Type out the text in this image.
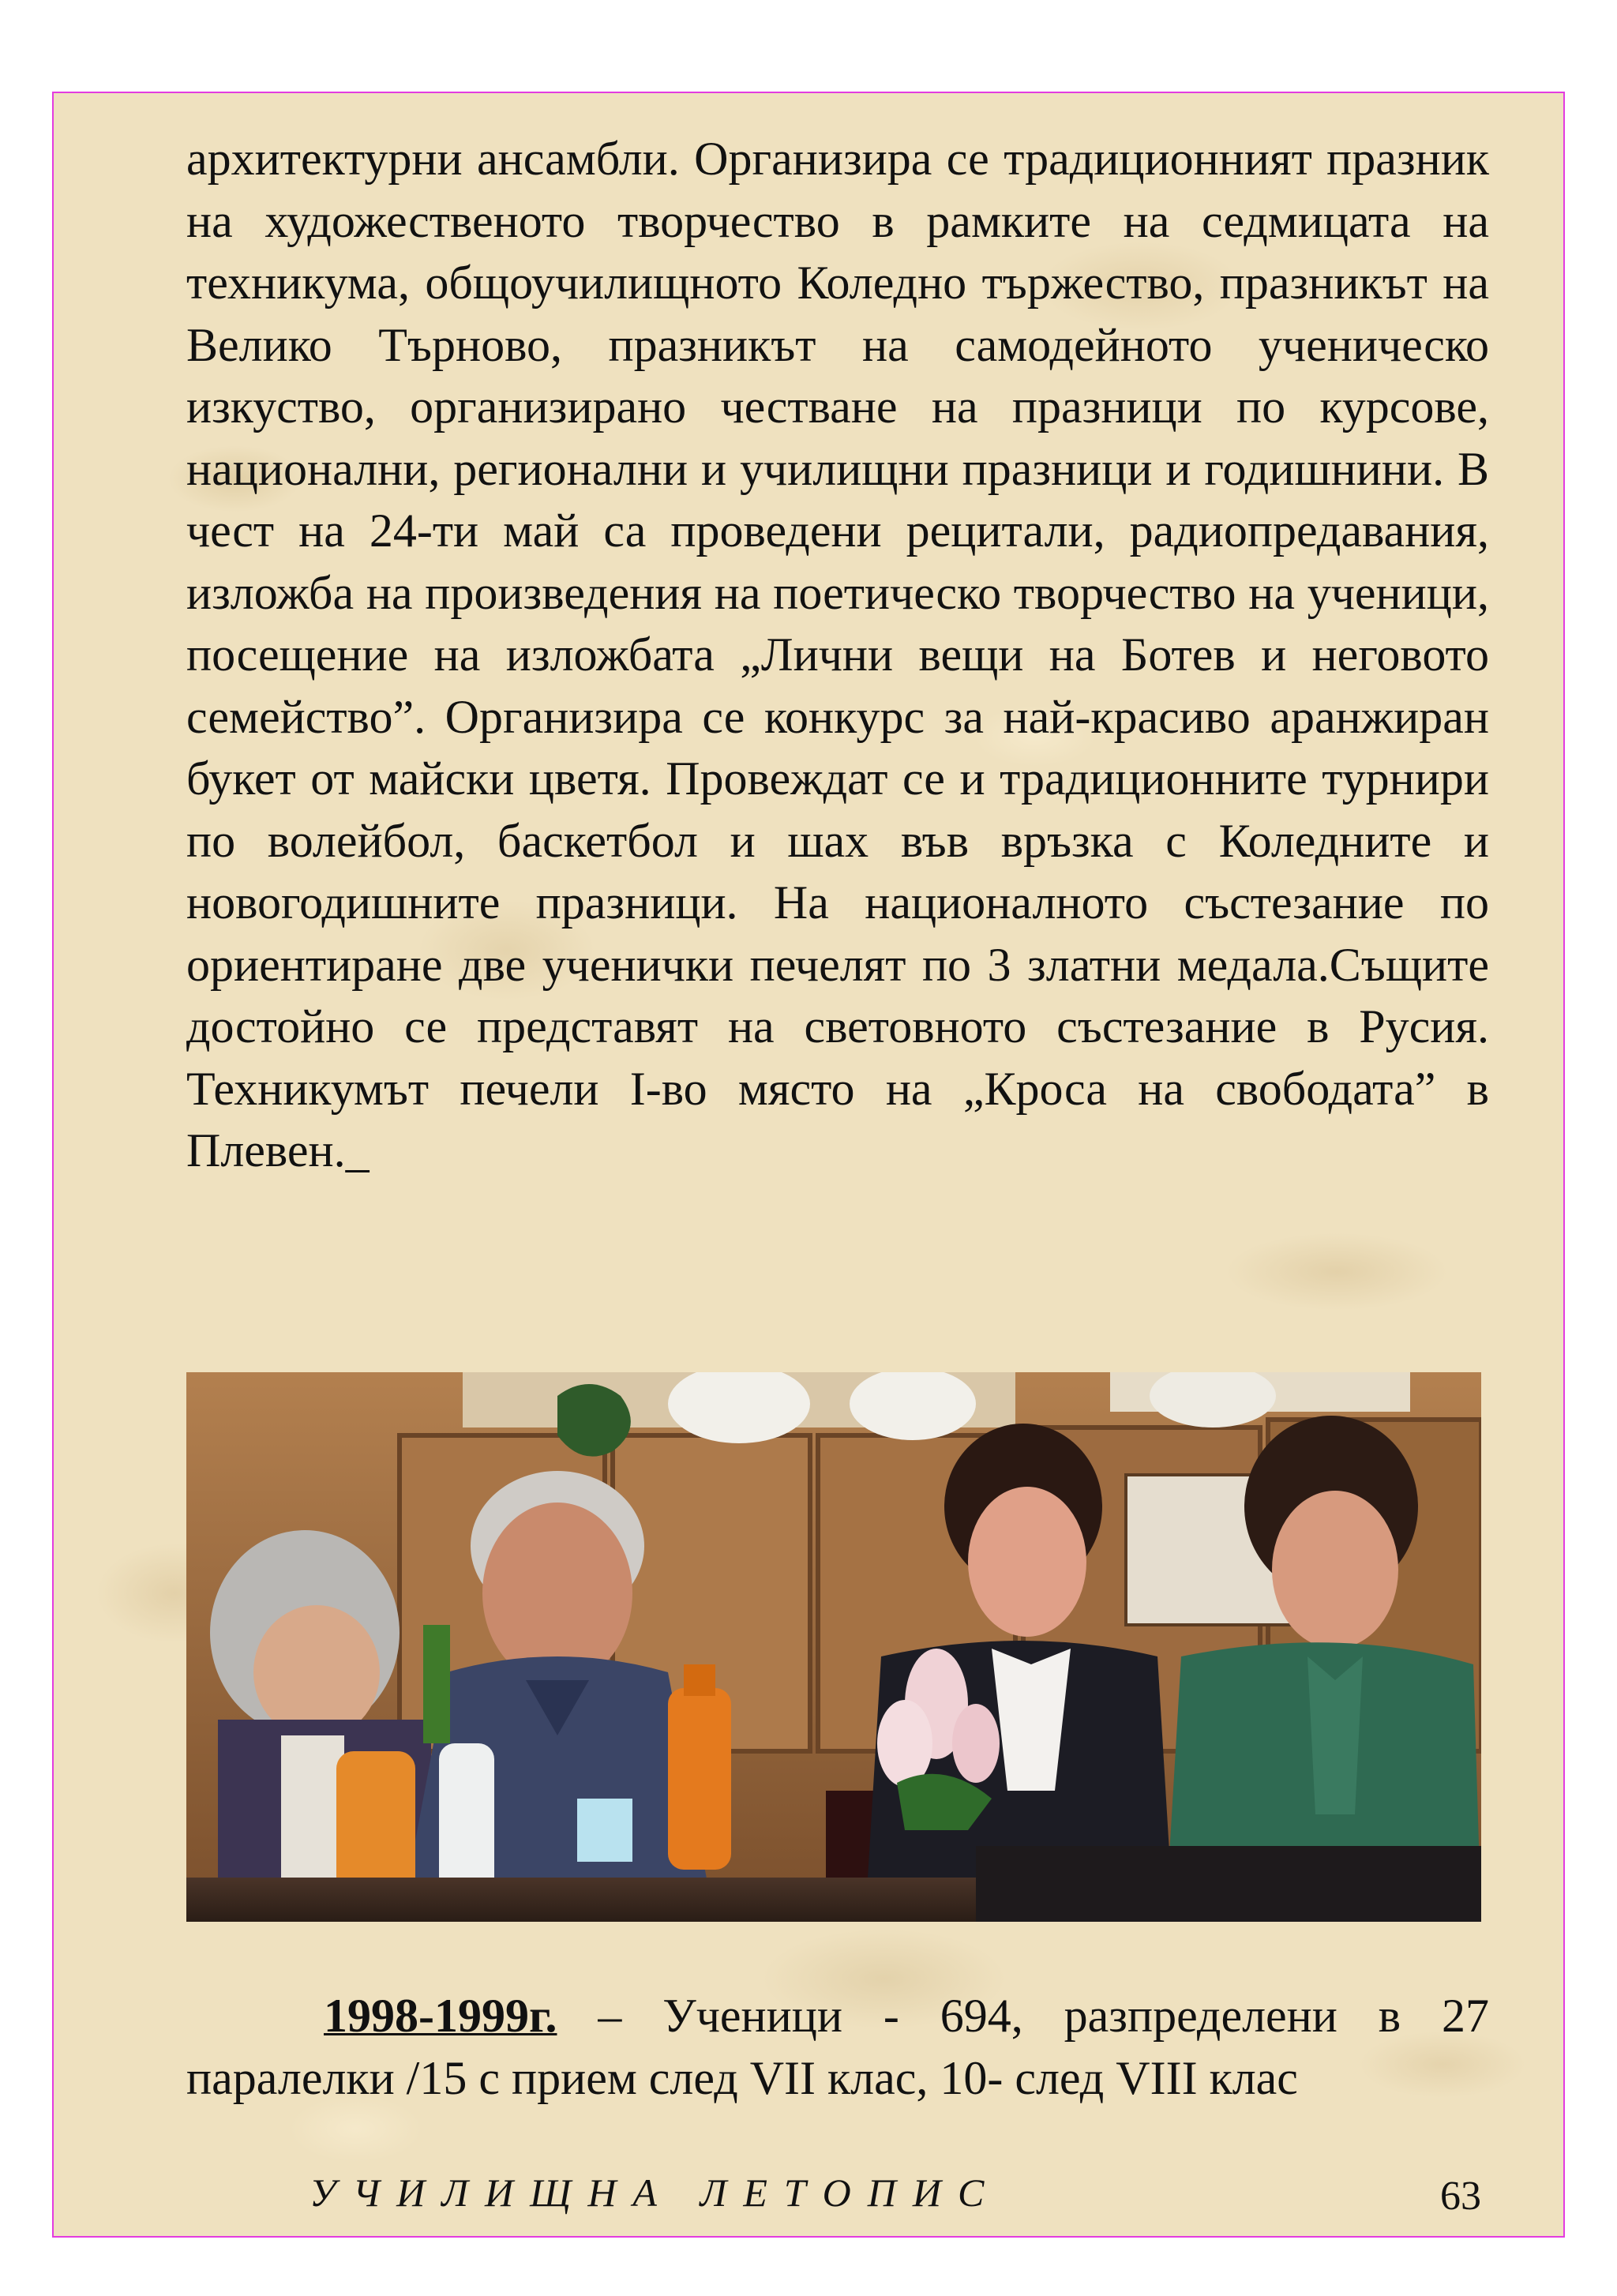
архитектурни ансамбли. Организира се традиционният празник на художественото творчество в рамките на седмицата на техникума, общоучилищното Коледно тържество, празникът на Велико Търново, празникът на самодейното ученическо изкуство, организирано честване на празници по курсове, национални, регионални и училищни празници и годишнини. В чест на 24-ти май са проведени рецитали, радиопредавания, изложба на произведения на поетическо творчество на ученици, посещение на изложбата „Лични вещи на Ботев и неговото семейство”. Организира се конкурс за най-красиво аранжиран букет от майски цветя. Провеждат се и традиционните турнири по волейбол, баскетбол и шах във връзка с Коледните и новогодишните празници. На националното състезание по ориентиране две ученички печелят по 3 златни медала.Същите достойно се представят на световното състезание в Русия. Техникумът печели I-во място на „Кроса на свободата” в Плевен._

1998-1999г. – Ученици - 694, разпределени в 27 паралелки /15 с прием след VII клас, 10- след VIII клас

УЧИЛИЩНА ЛЕТОПИС	63
